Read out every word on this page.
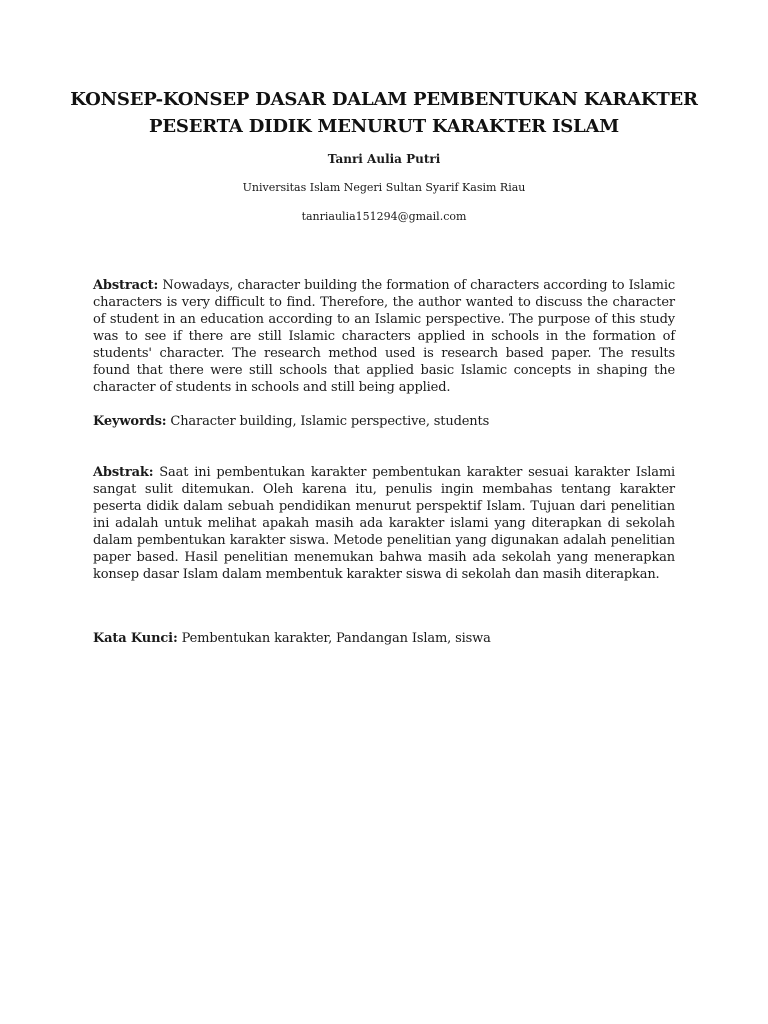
KONSEP-KONSEP DASAR DALAM PEMBENTUKAN KARAKTER
PESERTA DIDIK MENURUT KARAKTER ISLAM
Tanri Aulia Putri
Universitas Islam Negeri Sultan Syarif Kasim Riau
tanriaulia151294@gmail.com

Abstract: Nowadays, character building the formation of characters according to Islamic characters is very difficult to find. Therefore, the author wanted to discuss the character of student in an education according to an Islamic perspective. The purpose of this study was to see if there are still Islamic characters applied in schools in the formation of students' character. The research method used is research based paper. The results found that there were still schools that applied basic Islamic concepts in shaping the character of students in schools and still being applied.

Keywords: Character building, Islamic perspective, students

Abstrak: Saat ini pembentukan karakter pembentukan karakter sesuai karakter Islami sangat sulit ditemukan. Oleh karena itu, penulis ingin membahas tentang karakter peserta didik dalam sebuah pendidikan menurut perspektif Islam. Tujuan dari penelitian ini adalah untuk melihat apakah masih ada karakter islami yang diterapkan di sekolah dalam pembentukan karakter siswa. Metode penelitian yang digunakan adalah penelitian paper based. Hasil penelitian menemukan bahwa masih ada sekolah yang menerapkan konsep dasar Islam dalam membentuk karakter siswa di sekolah dan masih diterapkan.

Kata Kunci: Pembentukan karakter, Pandangan Islam, siswa
